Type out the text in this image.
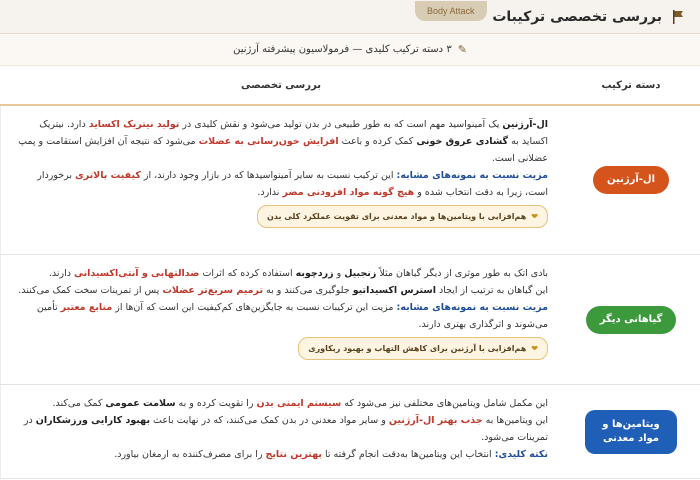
بررسی تخصصی ترکیبات
Body Attack
✎
۳ دسته ترکیب کلیدی — فرمولاسیون پیشرفته آرژنین
دسته ترکیب
بررسی تخصصی
ال-آرژنین
ال-آرژنین یک آمینواسید مهم است که به طور طبیعی در بدن تولید می‌شود و نقش کلیدی در تولید نیتریک اکساید دارد. نیتریک اکساید به گشادی عروق خونی کمک کرده و باعث افزایش خون‌رسانی به عضلات می‌شود که نتیجه آن افزایش استقامت و پمپ عضلانی است.
مزیت نسبت به نمونه‌های مشابه: این ترکیب نسبت به سایر آمینواسیدها که در بازار وجود دارند، از کیفیت بالاتری برخوردار است، زیرا به دقت انتخاب شده و هیچ گونه مواد افزودنی مضر ندارد.
❤
هم‌افزایی با ویتامین‌ها و مواد معدنی برای تقویت عملکرد کلی بدن
گیاهانی دیگر
بادی اتک به طور موثری از دیگر گیاهان مثلاً زنجبیل و زردچوبه استفاده کرده که اثرات ضدالتهابی و آنتی‌اکسیدانی دارند.
این گیاهان به ترتیب از ایجاد استرس اکسیداتیو جلوگیری می‌کنند و به ترمیم سریع‌تر عضلات پس از تمرینات سخت کمک می‌کنند.
مزیت نسبت به نمونه‌های مشابه: مزیت این ترکیبات نسبت به جایگزین‌های کم‌کیفیت این است که آن‌ها از منابع معتبر تأمین می‌شوند و اثرگذاری بهتری دارند.
❤
هم‌افزایی با آرژنین برای کاهش التهاب و بهبود ریکاوری
ویتامین‌ها و مواد معدنی
این مکمل شامل ویتامین‌های مختلفی نیز می‌شود که سیستم ایمنی بدن را تقویت کرده و به سلامت عمومی کمک می‌کند.
این ویتامین‌ها به جذب بهتر ال-آرژنین و سایر مواد معدنی در بدن کمک می‌کنند، که در نهایت باعث بهبود کارایی ورزشکاران در تمرینات می‌شود.
نکته کلیدی: انتخاب این ویتامین‌ها به‌دقت انجام گرفته تا بهترین نتایج را برای مصرف‌کننده به ارمغان بیاورد.
